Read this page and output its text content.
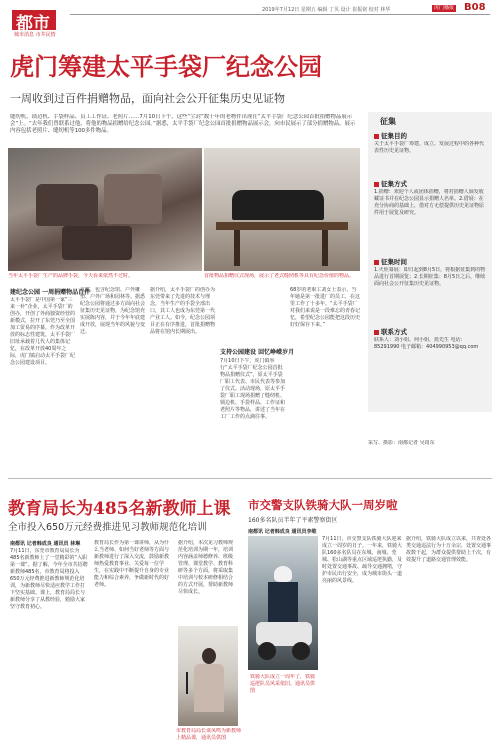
都市
城市消息 市井民情
2019年7月12日 星期五 编辑 丁贝 设计 崔振铭 校对 林华	虎门播报 B08
虎门筹建太平手袋厂纪念公园
一周收到过百件捐赠物品，面向社会公开征集历史见证物
缝纫机、锁边机、手袋样品、员工工作证、老照片……7月10日下午，这些“尘封”数十年的老物件出现在“太平手袋厂纪念公园首批捐赠物品展示会”上。“去年我们曾联系过他，将他的物品捐赠给纪念公园。”据悉，太平手袋厂纪念公园首批捐赠物品展示会，向市民展示了部分捐赠物品，展示内容包括老照片、缝纫机等100多件物品。
当年太平手袋厂生产的品牌手袋，今天看来依然不过时。	首批物品捐赠仪式现场，展示了老式缝纫机等具有纪念价值的物品。
建纪念公园 一周捐赠物品百件
太平手袋厂是中国第一家“三来一补”企业，太平手袋厂的创办，开创了外商独资经营的新模式，拉开了东莞乃至全国加工贸易的序幕。作为改革开放的标志性建筑，太平手袋厂旧址承载着几代人的集体记忆，在改革开放40周年之际，虎门镇启动太平手袋厂纪念公园建设项目。
方案，包含纪念馆、户外雕塑、户外广场和园林等。据悉纪念公园将通过多方面向社会征集历史见证物，为纪念馆充实展陈内容，并于今年年底建成开放，展现当年的风貌与变迁。
据介绍，太平手袋厂的创办为东莞带来了先进的技术与理念，当年生产的手袋全部出口，其工人也成为东莞第一代产业工人。如今，纪念公园项目正在有序推进，首批捐赠物品将在馆内长期展出。
支持公园建设 回忆峥嵘岁月
7月10日下午，虎门镇举行“太平手袋厂纪念公园首批物品捐赠仪式”，原太平手袋厂职工代表、市民代表等参加了仪式。活动现场，原太平手袋厂职工现场捐赠了缝纫机、锁边机、手袋样品、工作证和老照片等物品，讲述了当年在工厂工作的点滴往事。
68岁的老职工刘女士表示，当年她是第一批进厂的员工，在这里工作了十多年。“太平手袋厂对我们来说是一段难忘的青春记忆，希望纪念公园能把这段历史好好保存下来。”
征集
征集目的
关于太平手袋厂筹建、成立、发展过程中的各种代表性历史见证物。
征集方式
1.捐赠：欢迎个人或团体捐赠，将对捐赠人颁发收藏证书并在纪念公园显示捐赠人名单。2.借展：在充分协商的基础上，借对方无偿提供历史见证物原件用于展览及研究。
征集时间
1.火炬幕展：即日起到8月5日，将根据征集到的物品进行首期展览；2.长期征集：8月5日之后，继续面向社会公开征集历史见证物。
联系方式
联系人：刘小姐、何小姐、蓝先生 电话：85291990 电子邮箱：404990953@qq.com
采写、摄影：南都记者 吴筠东
教育局长为485名新教师上课
全市投入650万元经费推进见习教师规范化培训
南都讯 记者韩成良 通讯员 林琳
7月11日，东莞市教育局局长为485名新教师上了一堂精彩的“入职第一课”。据了解，今年全市共招聘新教师485名，市教育局将投入650万元经费推进新教师规范化培训，为新教师尽快适应教学工作打下坚实基础。课上，教育局局长与新教师分享了从教经验，勉励大家坚守教育初心。
教育局长作为第一课讲师，从为什么当老师、如何当好老师等方面与新教师进行了深入交流，鼓励新教师热爱教育事业、关爱每一位学生，在实践中不断提升自身的专业能力和综合素养，争做新时代的好老师。
据介绍，本次见习教师规范化培训为期一年，培训内容涵盖师德修养、班级管理、课堂教学、教育科研等多个方面，将采取集中培训与校本研修相结合的方式开展，帮助新教师尽快成长。
市教育局局长谈凤鸣为新教师上精品课，通讯员供图
市交警支队铁骑大队一周岁啦
160多名队员半年了平素警察街区
南都讯 记者韩成良 通讯员李维
7月11日，市交警支队铁骑大队迎来成立一周岁的日子。一年来，铁骑大队160多名队员在东城、南城、莞城、松山湖等重点区域巡逻执勤，及时处置交通事故、疏导交通拥堵，守护市民出行安全，成为城市街头一道亮丽的风景线。
据介绍，铁骑大队成立以来，共查处各类交通违法行为十万余宗，处置交通事故数千起，为群众提供帮助上千次，有效提升了道路交通管理效能。
铁骑大队成立一周年了，铁骑巡逻队员风采依旧。通讯员供图
